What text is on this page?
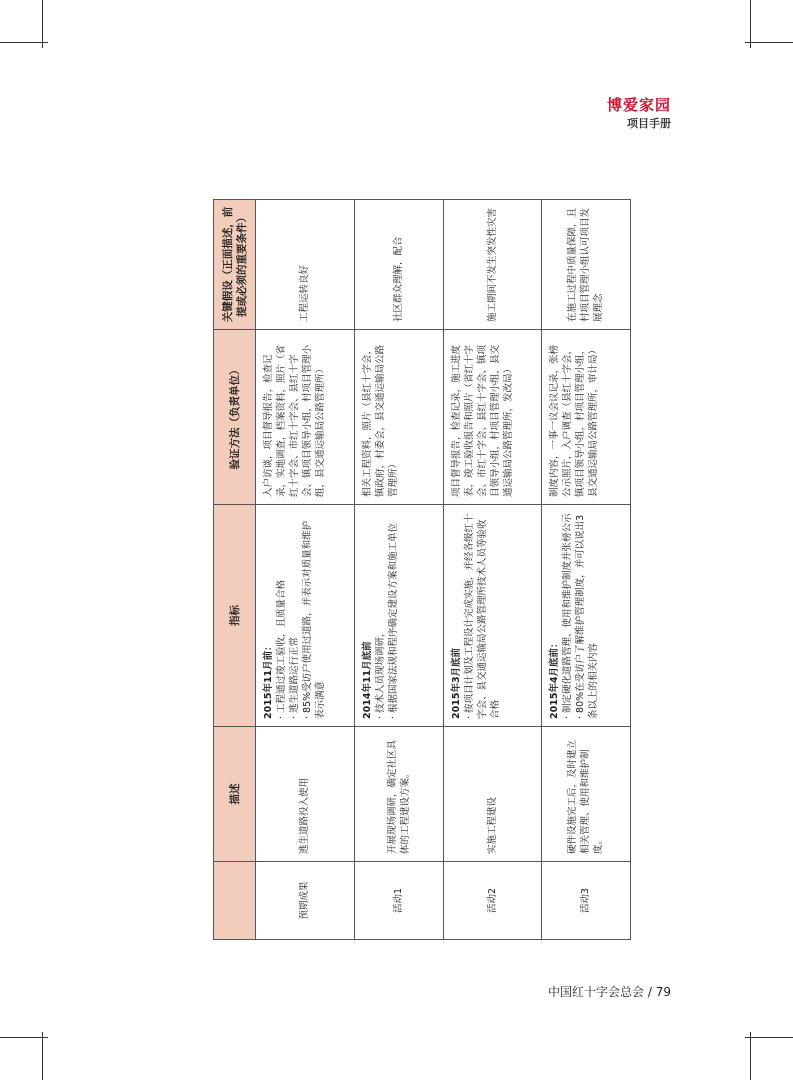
博爱家园
项目手册
	描述	指标	验证方法（负责单位）	关键假设（正面描述，前提或必须的重要条件）
预期成果	逃生道路投入使用	2015年11月前： · 工程通过竣工验收，且质量合格 · 逃生道路运行正常 · 85%受访户使用过道路，并表示对质量和维护表示满意	入户访谈，项目督导报告，检查记录，实地调查，档案资料，照片（省红十字会、市红十字会、县红十字会、镇项目领导小组，村项目管理小组，县交通运输局公路管理所）	工程运转良好
活动1	开展现场调研，确定社区具体的工程建设方案。	2014年11月底前 · 技术人员现场调研， · 根据国家法规和程序确定建设方案和施工单位	相关工程资料，照片（县红十字会，镇政府，村委会，县交通运输局公路管理所）	社区群众理解，配合
活动2	实施工程建设	2015年3月底前 · 按项目计划及工程设计完成实施，并经各级红十字会、县交通运输局公路管理所技术人员等验收合格	项目督导报告，检查记录，施工进度表，竣工验收报告和照片（省红十字会、市红十字会、县红十字会、镇项目领导小组，村项目管理小组，县交通运输局公路管理所，发改局）	施工期间不发生突发性灾害
活动3	硬件设施完工后，及时建立相关管理、使用和维护制度。	2015年4月底前： · 制定硬化道路管理、使用和维护制度并张榜公示 · 80%在受访户了解维护管理制度，并可以说出3条以上的相关内容	制度内容，一事一议会议记录，张榜公示照片，入户调查（县红十字会，镇项目领导小组，村项目管理小组，县交通运输局公路管理所，审计局）	在施工过程中质量保障，且村项目管理小组认可项目发展理念
中国红十字会总会 / 79
